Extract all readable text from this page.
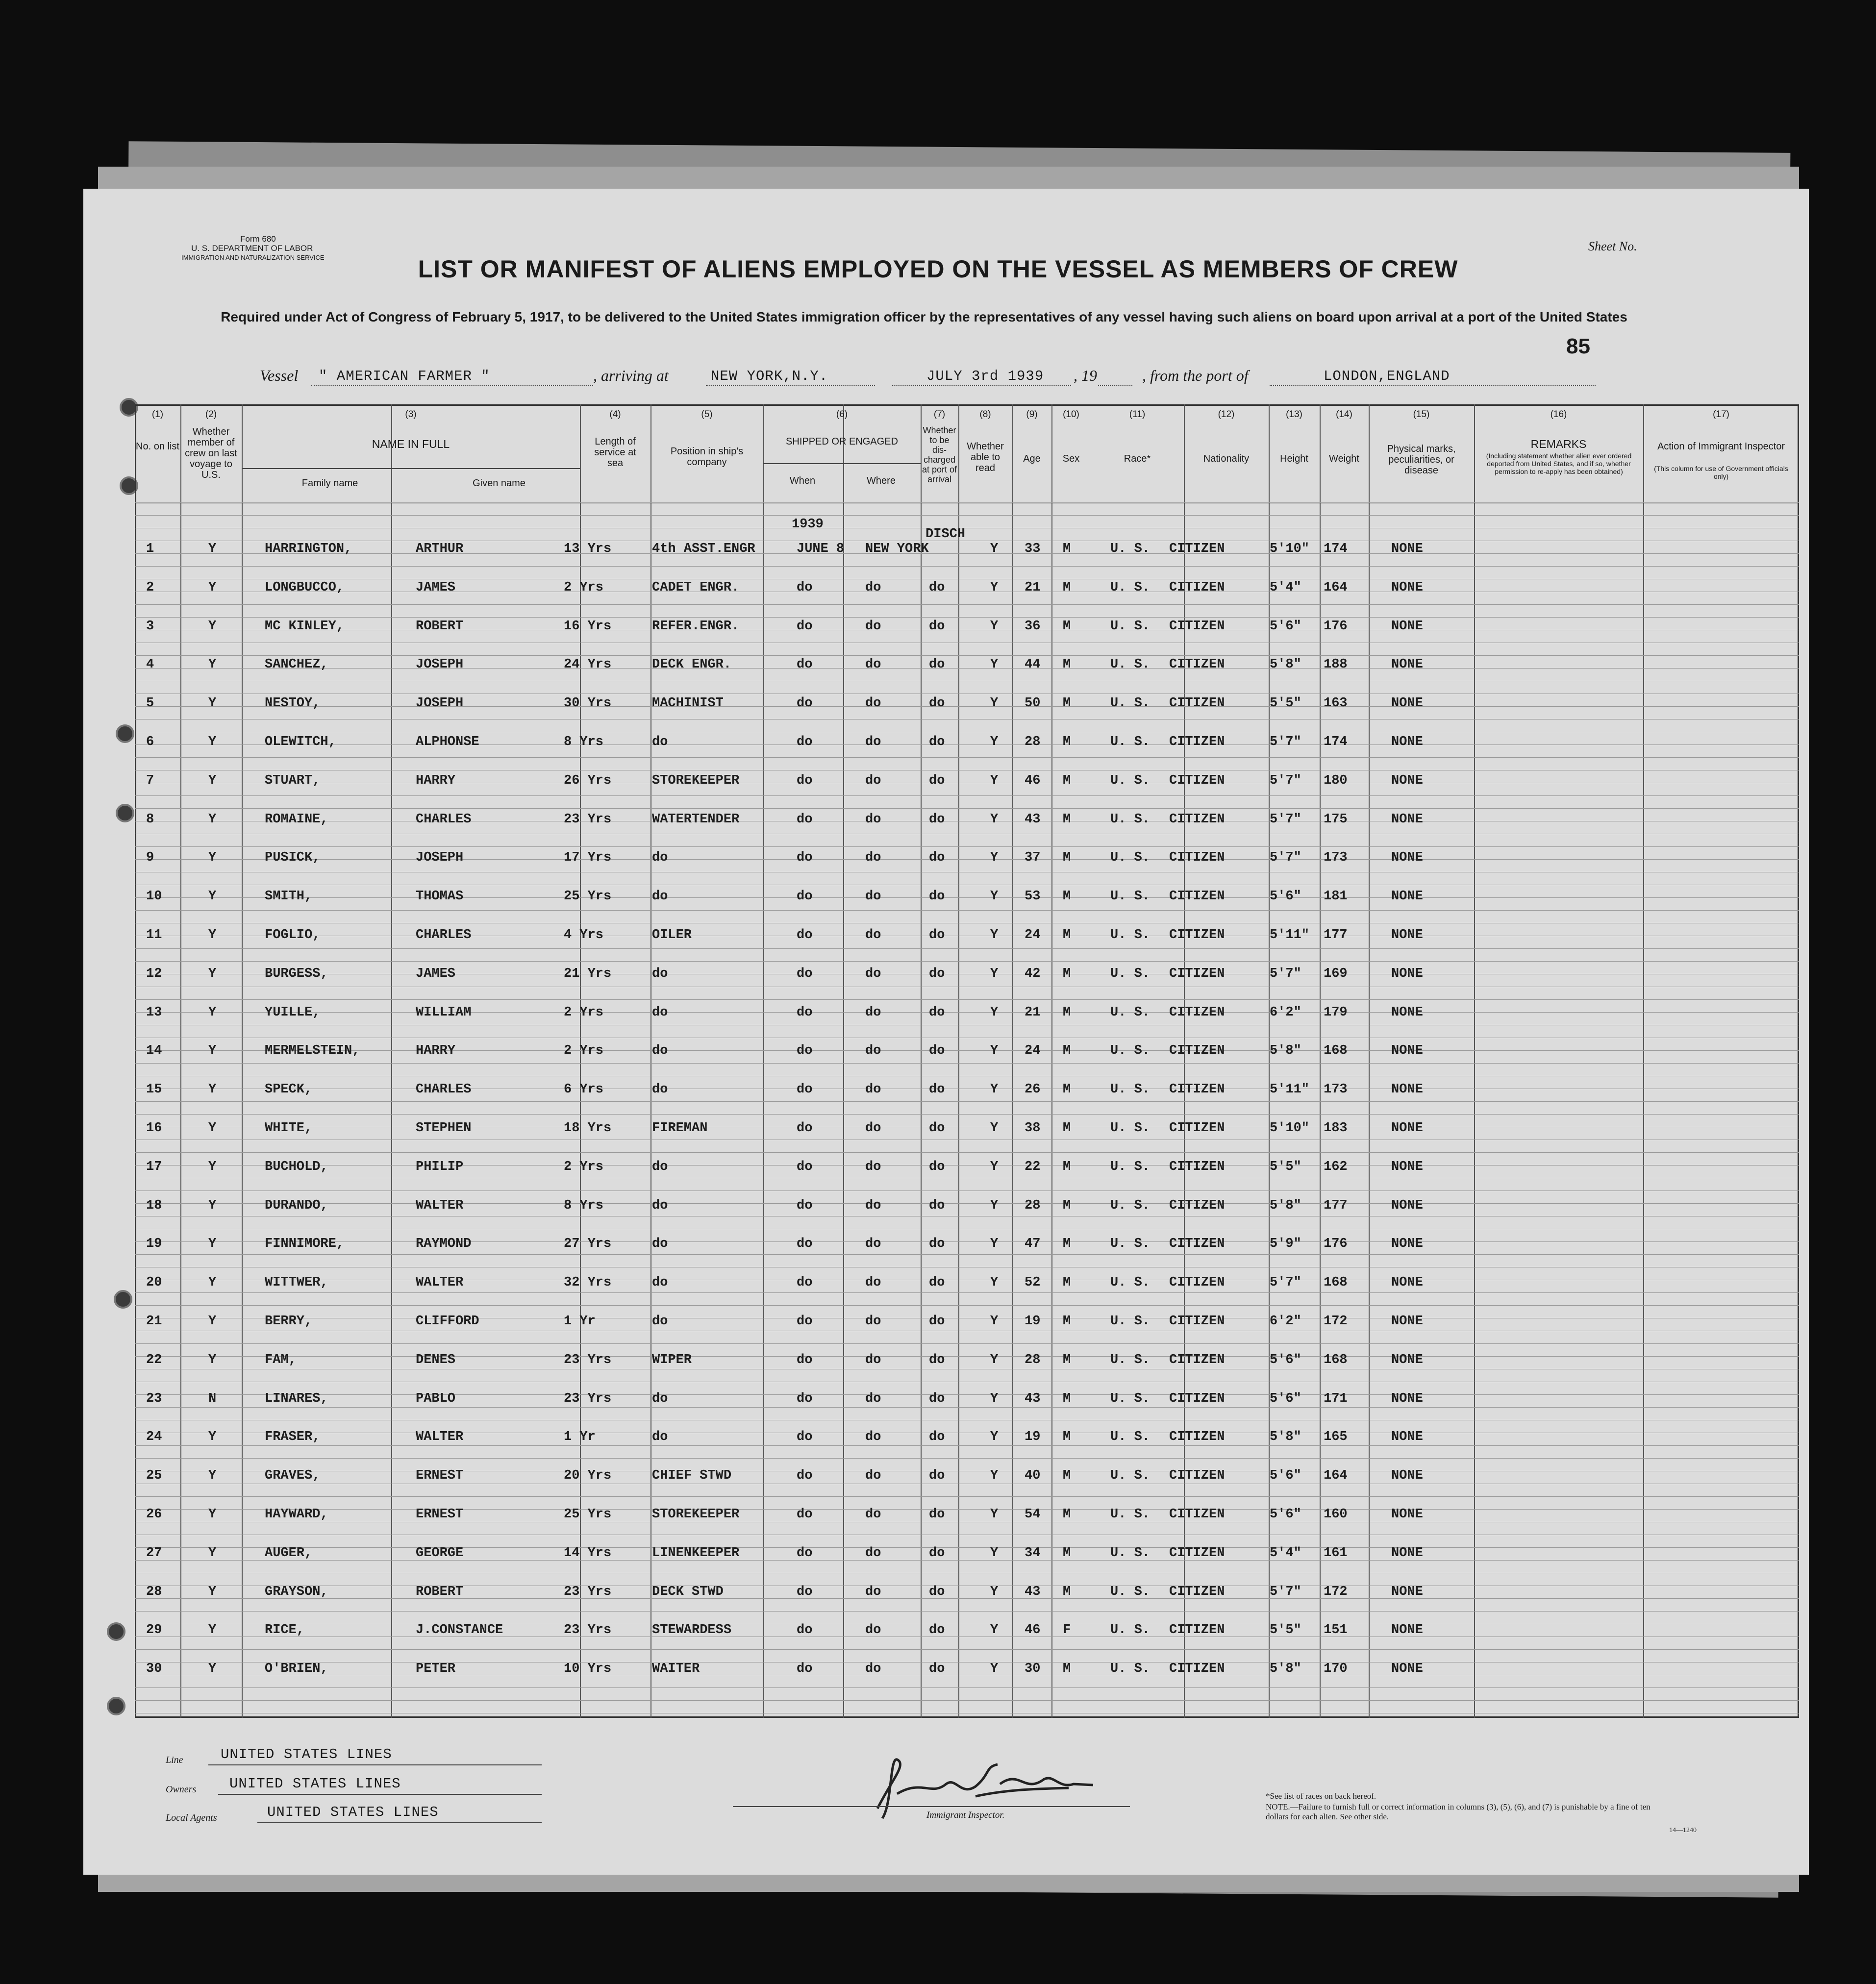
Form 680
U. S. DEPARTMENT OF LABOR
IMMIGRATION AND NATURALIZATION SERVICE
Sheet No.
LIST OR MANIFEST OF ALIENS EMPLOYED ON THE VESSEL AS MEMBERS OF CREW
Required under Act of Congress of February 5, 1917, to be delivered to the United States immigration officer by the representatives of any vessel having such aliens on board upon arrival at a port of the United States
85
Vessel " AMERICAN FARMER "	, arriving at	NEW YORK,N.Y.	JULY 3rd 1939 , 19	, from the port of	LONDON,ENGLAND
(1)	(2)	(3)	(4)	(5)	(6)	(7)	(8)	(9)	(10)	(11)	(12)	(13)	(14)	(15)	(16)	(17)
No. on list
Whether member of crew on last voyage to U.S.
NAME IN FULL
Family name	Given name
Length of service at sea
Position in ship's company
SHIPPED OR ENGAGED
When	Where
Whether to be dis-charged at port of arrival
Whether able to read
Age	Sex	Race*	Nationality	Height	Weight
Physical marks, peculiarities, or disease
REMARKS
(Including statement whether alien ever ordered deported from United States, and if so, whether permission to re-apply has been obtained)
Action of Immigrant Inspector
(This column for use of Government officials only)
1	Y	HARRINGTON,	ARTHUR	13 Yrs	4th ASST.ENGR	JUNE 8 NEW YORK	Y 33 M	U. S. CITIZEN	5'10" 174	NONE
2	Y	LONGBUCCO,	JAMES	2 Yrs	CADET ENGR.	do	do	do	Y 21 M	U. S. CITIZEN	5'4" 164	NONE
3	Y	MC KINLEY,	ROBERT	16 Yrs	REFER.ENGR.	do	do	do	Y 36 M	U. S. CITIZEN	5'6" 176	NONE
4	Y	SANCHEZ,	JOSEPH	24 Yrs	DECK ENGR.	do	do	do	Y 44 M	U. S. CITIZEN	5'8" 188	NONE
5	Y	NESTOY,	JOSEPH	30 Yrs	MACHINIST	do	do	do	Y 50 M	U. S. CITIZEN	5'5" 163	NONE
6	Y	OLEWITCH,	ALPHONSE	8 Yrs	do	do	do	do	Y 28 M	U. S. CITIZEN	5'7" 174	NONE
7	Y	STUART,	HARRY	26 Yrs	STOREKEEPER	do	do	do	Y 46 M	U. S. CITIZEN	5'7" 180	NONE
8	Y	ROMAINE,	CHARLES	23 Yrs	WATERTENDER	do	do	do	Y 43 M	U. S. CITIZEN	5'7" 175	NONE
9	Y	PUSICK,	JOSEPH	17 Yrs	do	do	do	do	Y 37 M	U. S. CITIZEN	5'7" 173	NONE
10	Y	SMITH,	THOMAS	25 Yrs	do	do	do	do	Y 53 M	U. S. CITIZEN	5'6" 181	NONE
11	Y	FOGLIO,	CHARLES	4 Yrs	OILER	do	do	do	Y 24 M	U. S. CITIZEN	5'11" 177	NONE
12	Y	BURGESS,	JAMES	21 Yrs	do	do	do	do	Y 42 M	U. S. CITIZEN	5'7" 169	NONE
13	Y	YUILLE,	WILLIAM	2 Yrs	do	do	do	do	Y 21 M	U. S. CITIZEN	6'2" 179	NONE
14	Y	MERMELSTEIN,	HARRY	2 Yrs	do	do	do	do	Y 24 M	U. S. CITIZEN	5'8" 168	NONE
15	Y	SPECK,	CHARLES	6 Yrs	do	do	do	do	Y 26 M	U. S. CITIZEN	5'11" 173	NONE
16	Y	WHITE,	STEPHEN	18 Yrs	FIREMAN	do	do	do	Y 38 M	U. S. CITIZEN	5'10" 183	NONE
17	Y	BUCHOLD,	PHILIP	2 Yrs	do	do	do	do	Y 22 M	U. S. CITIZEN	5'5" 162	NONE
18	Y	DURANDO,	WALTER	8 Yrs	do	do	do	do	Y 28 M	U. S. CITIZEN	5'8" 177	NONE
19	Y	FINNIMORE,	RAYMOND	27 Yrs	do	do	do	do	Y 47 M	U. S. CITIZEN	5'9" 176	NONE
20	Y	WITTWER,	WALTER	32 Yrs	do	do	do	do	Y 52 M	U. S. CITIZEN	5'7" 168	NONE
21	Y	BERRY,	CLIFFORD	1 Yr	do	do	do	do	Y 19 M	U. S. CITIZEN	6'2" 172	NONE
22	Y	FAM,	DENES	23 Yrs	WIPER	do	do	do	Y 28 M	U. S. CITIZEN	5'6" 168	NONE
23	N	LINARES,	PABLO	23 Yrs	do	do	do	do	Y 43 M	U. S. CITIZEN	5'6" 171	NONE
24	Y	FRASER,	WALTER	1 Yr	do	do	do	do	Y 19 M	U. S. CITIZEN	5'8" 165	NONE
25	Y	GRAVES,	ERNEST	20 Yrs	CHIEF STWD	do	do	do	Y 40 M	U. S. CITIZEN	5'6" 164	NONE
26	Y	HAYWARD,	ERNEST	25 Yrs	STOREKEEPER	do	do	do	Y 54 M	U. S. CITIZEN	5'6" 160	NONE
27	Y	AUGER,	GEORGE	14 Yrs	LINENKEEPER	do	do	do	Y 34 M	U. S. CITIZEN	5'4" 161	NONE
28	Y	GRAYSON,	ROBERT	23 Yrs	DECK STWD	do	do	do	Y 43 M	U. S. CITIZEN	5'7" 172	NONE
29	Y	RICE,	J.CONSTANCE	23 Yrs	STEWARDESS	do	do	do	Y 46 F	U. S. CITIZEN	5'5" 151	NONE
30	Y	O'BRIEN,	PETER	10 Yrs	WAITER	do	do	do	Y 30 M	U. S. CITIZEN	5'8" 170	NONE
1939
DISCH
Line	UNITED STATES LINES
Owners UNITED STATES LINES
Local Agents	UNITED STATES LINES	Immigrant Inspector.
*See list of races on back hereof.
NOTE.—Failure to furnish full or correct information in columns (3), (5), (6), and (7) is punishable by a fine of ten dollars for each alien. See other side.
14—1240
